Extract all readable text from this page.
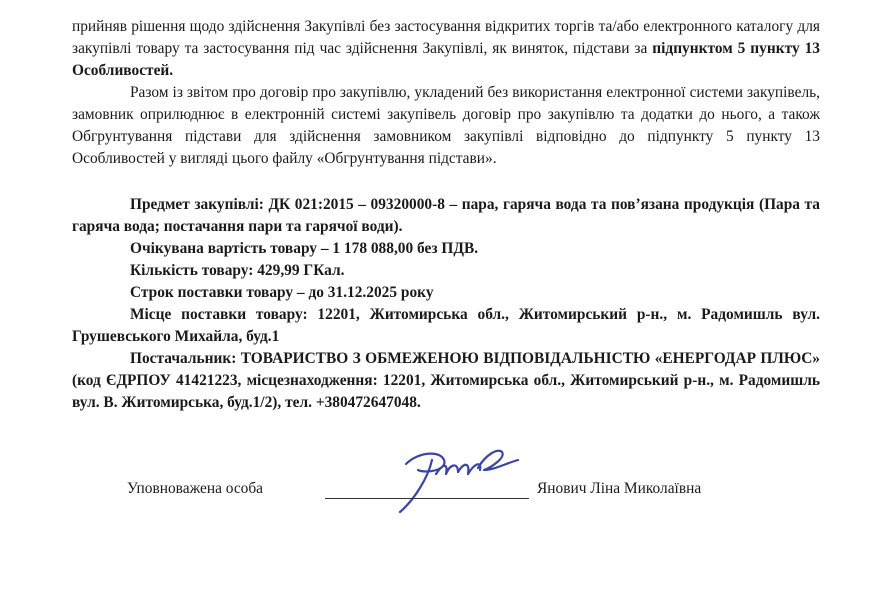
прийняв рішення щодо здійснення Закупівлі без застосування відкритих торгів та/або електронного каталогу для закупівлі товару та застосування під час здійснення Закупівлі, як виняток, підстави за підпунктом 5 пункту 13 Особливостей.

Разом із звітом про договір про закупівлю, укладений без використання електронної системи закупівель, замовник оприлюднює в електронній системі закупівель договір про закупівлю та додатки до нього, а також Обгрунтування підстави для здійснення замовником закупівлі відповідно до підпункту 5 пункту 13 Особливостей у вигляді цього файлу «Обгрунтування підстави».

Предмет закупівлі: ДК 021:2015 – 09320000-8 – пара, гаряча вода та пов’язана продукція (Пара та гаряча вода; постачання пари та гарячої води).

Очікувана вартість товару – 1 178 088,00 без ПДВ.

Кількість товару: 429,99 ГКал.

Строк поставки товару – до 31.12.2025 року

Місце поставки товару: 12201, Житомирська обл., Житомирський р-н., м. Радомишль вул. Грушевського Михайла, буд.1

Постачальник: ТОВАРИСТВО З ОБМЕЖЕНОЮ ВІДПОВІДАЛЬНІСТЮ «ЕНЕРГОДАР ПЛЮС» (код ЄДРПОУ 41421223, місцезнаходження: 12201, Житомирська обл., Житомирський р-н., м. Радомишль вул. В. Житомирська, буд.1/2), тел. +380472647048.

Уповноважена особа	Янович Ліна Миколаївна
